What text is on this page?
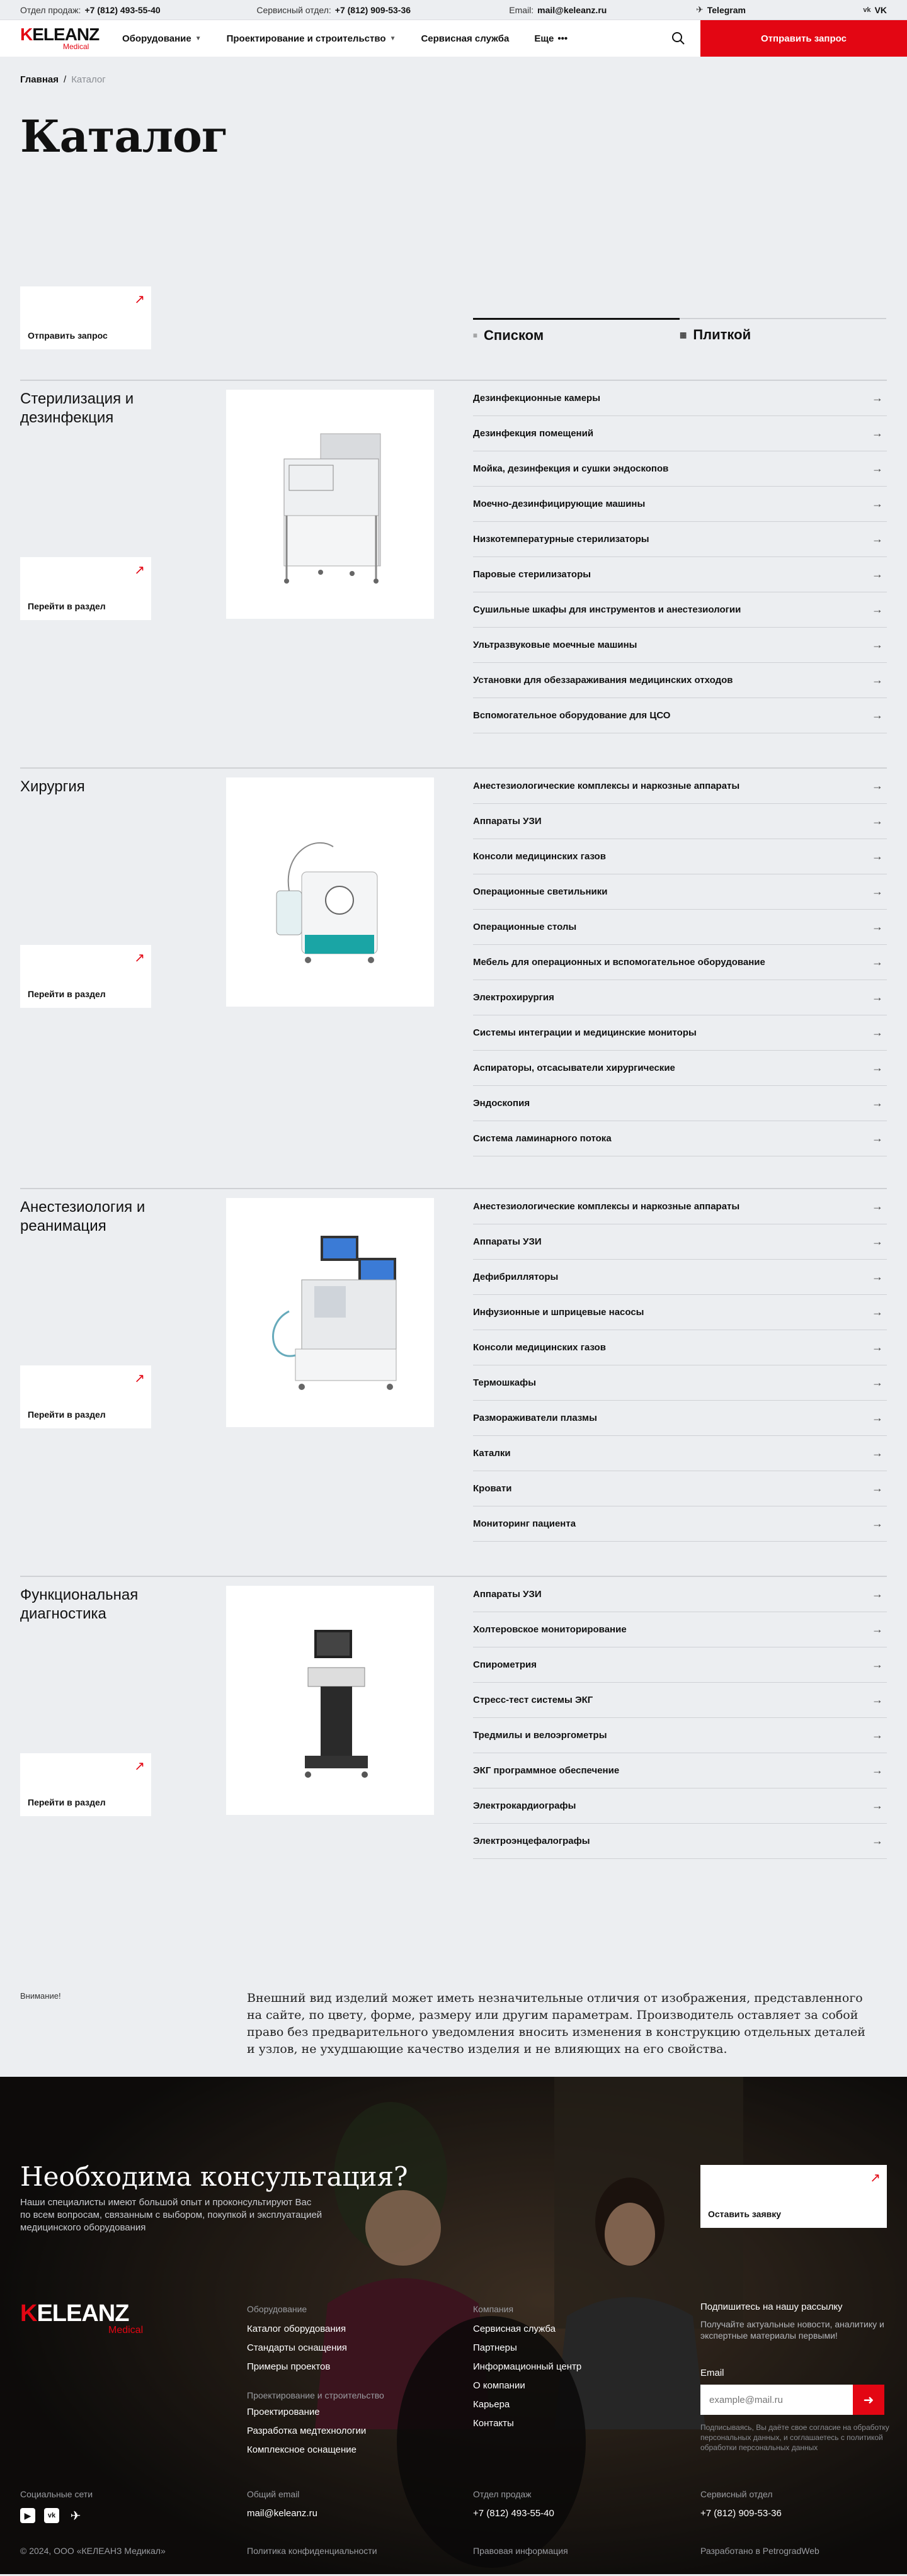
Отдел продаж: +7 (812) 493-55-40	Сервисный отдел: +7 (812) 909-53-36	Email: mail@keleanz.ru	✈ Telegram	vk VK
KELEANZ
Medical
Оборудование ▼	Проектирование и строительство ▼	Сервисная служба	Еще •••	Отправить запрос
Главная / Каталог
Каталог
↗
Отправить запрос	≡ Списком	▦ Плиткой
Стерилизация и дезинфекция
↗
Перейти в раздел
Дезинфекционные камеры	→
Дезинфекция помещений	→
Мойка, дезинфекция и сушки эндоскопов	→
Моечно-дезинфицирующие машины	→
Низкотемпературные стерилизаторы	→
Паровые стерилизаторы	→
Сушильные шкафы для инструментов и анестезиологии	→
Ультразвуковые моечные машины	→
Установки для обеззараживания медицинских отходов	→
Вспомогательное оборудование для ЦСО	→
Хирургия
↗
Перейти в раздел
Анестезиологические комплексы и наркозные аппараты	→
Аппараты УЗИ	→
Консоли медицинских газов	→
Операционные светильники	→
Операционные столы	→
Мебель для операционных и вспомогательное оборудование	→
Электрохирургия	→
Системы интеграции и медицинские мониторы	→
Аспираторы, отсасыватели хирургические	→
Эндоскопия	→
Система ламинарного потока	→
Анестезиология и реанимация
↗
Перейти в раздел
Анестезиологические комплексы и наркозные аппараты	→
Аппараты УЗИ	→
Дефибрилляторы	→
Инфузионные и шприцевые насосы	→
Консоли медицинских газов	→
Термошкафы	→
Размораживатели плазмы	→
Каталки	→
Кровати	→
Мониторинг пациента	→
Функциональная диагностика
↗
Перейти в раздел
Аппараты УЗИ	→
Холтеровское мониторирование	→
Спирометрия	→
Стресс-тест системы ЭКГ	→
Тредмилы и велоэргометры	→
ЭКГ программное обеспечение	→
Электрокардиографы	→
Электроэнцефалографы	→
Внимание!	Внешний вид изделий может иметь незначительные отличия от изображения, представленного на сайте, по цвету, форме, размеру или другим параметрам. Производитель оставляет за собой право без предварительного уведомления вносить изменения в конструкцию отдельных деталей и узлов, не ухудшающие качество изделия и не влияющих на его свойства.
Необходима консультация?
Наши специалисты имеют большой опыт и проконсультируют Вас по всем вопросам, связанным с выбором, покупкой и эксплуатацией медицинского оборудования
↗
Оставить заявку
KELEANZ
Medical
Оборудование
Каталог оборудования
Стандарты оснащения
Примеры проектов
Проектирование и строительство
Проектирование
Разработка медтехнологии
Комплексное оснащение
Компания
Сервисная служба
Партнеры
Информационный центр
О компании
Карьера
Контакты
Подпишитесь на нашу рассылку
Получайте актуальные новости, аналитику и экспертные материалы первыми!
Email
example@mail.ru
➜
Подписываясь, Вы даёте свое согласие на обработку персональных данных, и соглашаетесь с политикой обработки персональных данных
Социальные сети
▶	vk ✈
Общий email
mail@keleanz.ru
Отдел продаж
+7 (812) 493-55-40
Сервисный отдел
+7 (812) 909-53-36
© 2024, ООО «КЕЛЕАНЗ Медикал»	Политика конфиденциальности	Правовая информация	Разработано в PetrogradWeb
